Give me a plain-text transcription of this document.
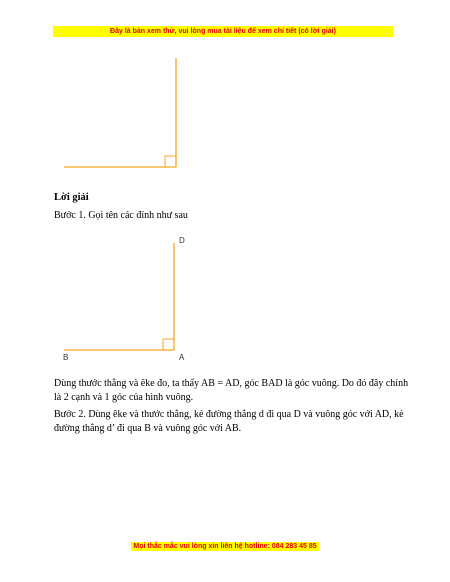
Đây là bản xem thử, vui lòng mua tài liệu để xem chi tiết (có lời giải)
D
B	A
Lời giải
Bước 1. Gọi tên các đỉnh như sau
Dùng thước thẳng và êke đo, ta thấy AB = AD, góc BAD là góc vuông. Do đó đây chính là 2 cạnh và 1 góc của hình vuông.
Bước 2. Dùng êke và thước thẳng, kẻ đường thẳng d đi qua D và vuông góc với AD, kẻ đường thẳng d’ đi qua B và vuông góc với AB.
Mọi thắc mắc vui lòng xin liên hệ hotline: 084 283 45 85
